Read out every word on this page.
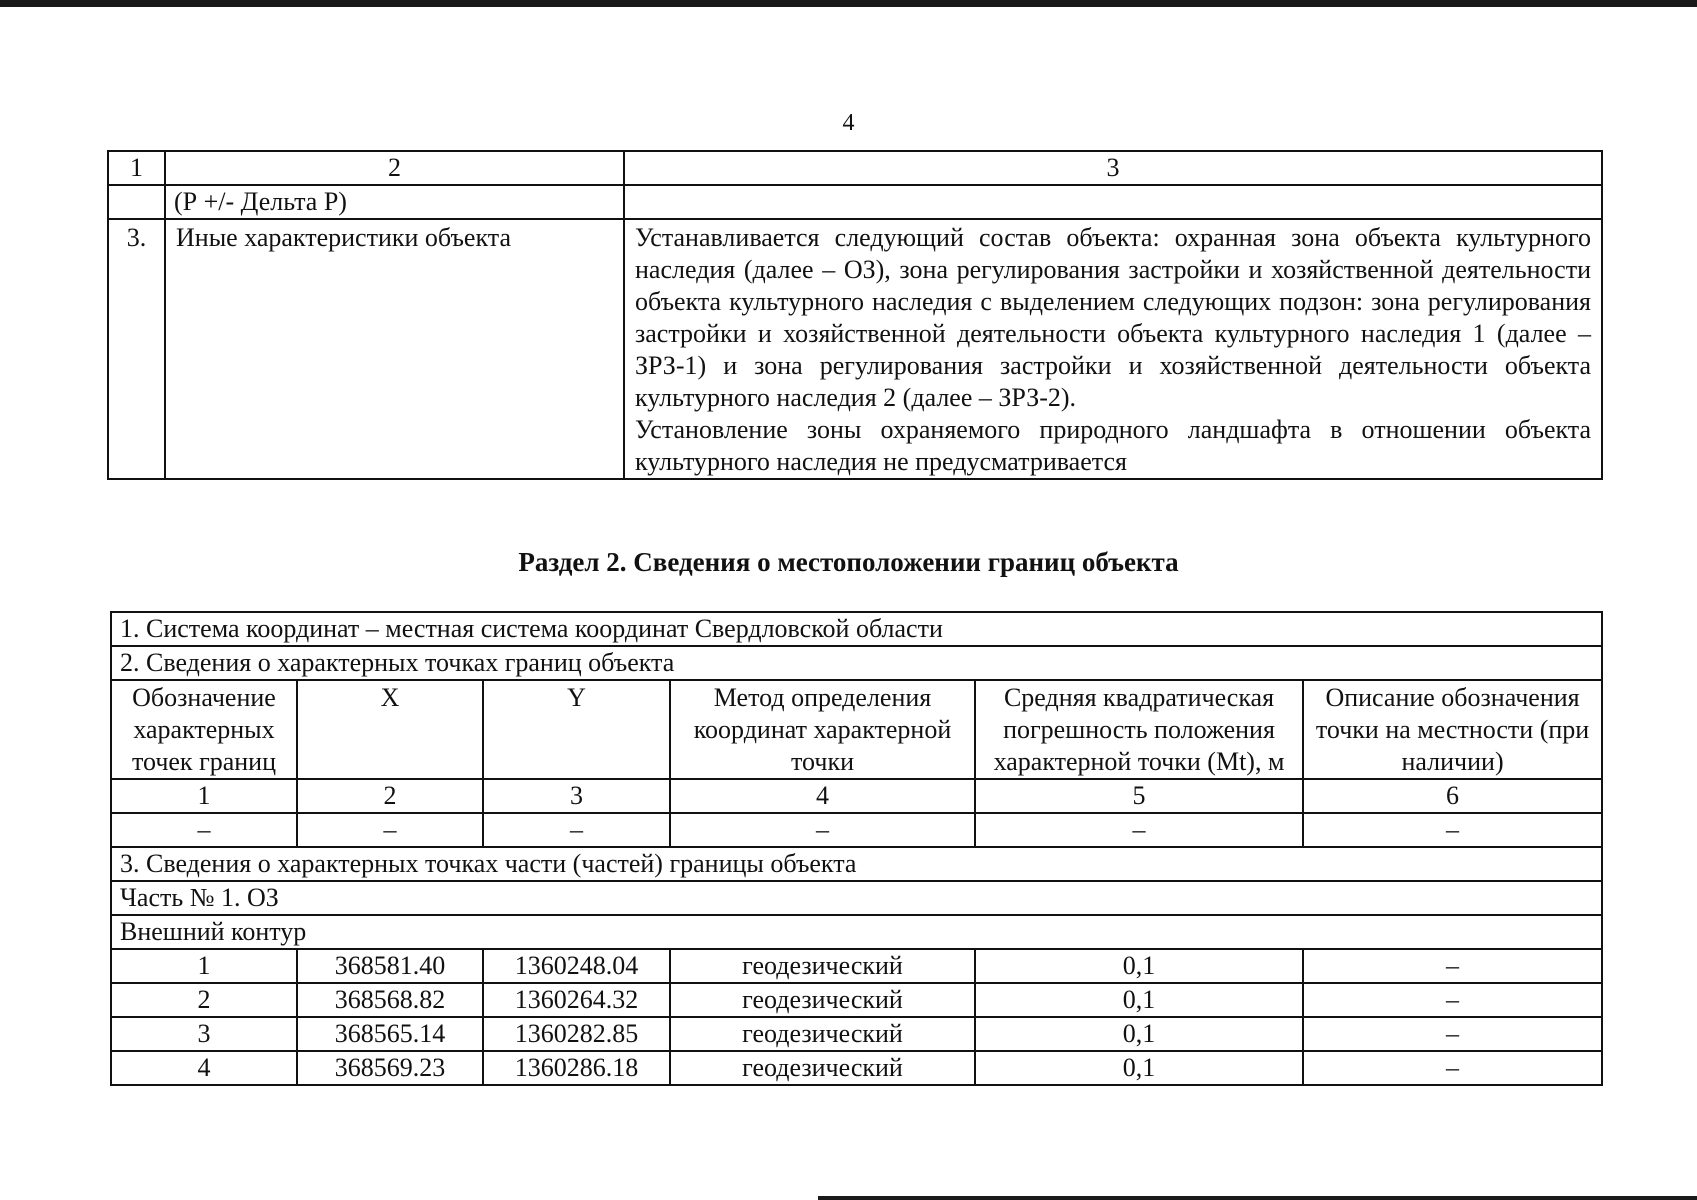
4
1	2	3
	(Р +/- Дельта Р)	
3.	Иные характеристики объекта	Устанавливается следующий состав объекта: охранная зона объекта культурного наследия (далее – ОЗ), зона регулирования застройки и хозяйственной деятельности объекта культурного наследия с выделением следующих подзон: зона регулирования застройки и хозяйственной деятельности объекта культурного наследия 1 (далее – ЗРЗ-1) и зона регулирования застройки и хозяйственной деятельности объекта культурного наследия 2 (далее – ЗРЗ-2).

Установление зоны охраняемого природного ландшафта в отношении объекта культурного наследия не предусматривается

Раздел 2. Сведения о местоположении границ объекта
1. Система координат – местная система координат Свердловской области					
2. Сведения о характерных точках границ объекта					
Обозначение характерных точек границ	X	Y	Метод определения координат характерной точки	Средняя квадратическая погрешность положения характерной точки (Mt), м	Описание обозначения точки на местности (при наличии)
1	2	3	4	5	6
–	–	–	–	–	–
3. Сведения о характерных точках части (частей) границы объекта					
Часть № 1. ОЗ					
Внешний контур					
1	368581.40	1360248.04	геодезический	0,1	–
2	368568.82	1360264.32	геодезический	0,1	–
3	368565.14	1360282.85	геодезический	0,1	–
4	368569.23	1360286.18	геодезический	0,1	–
